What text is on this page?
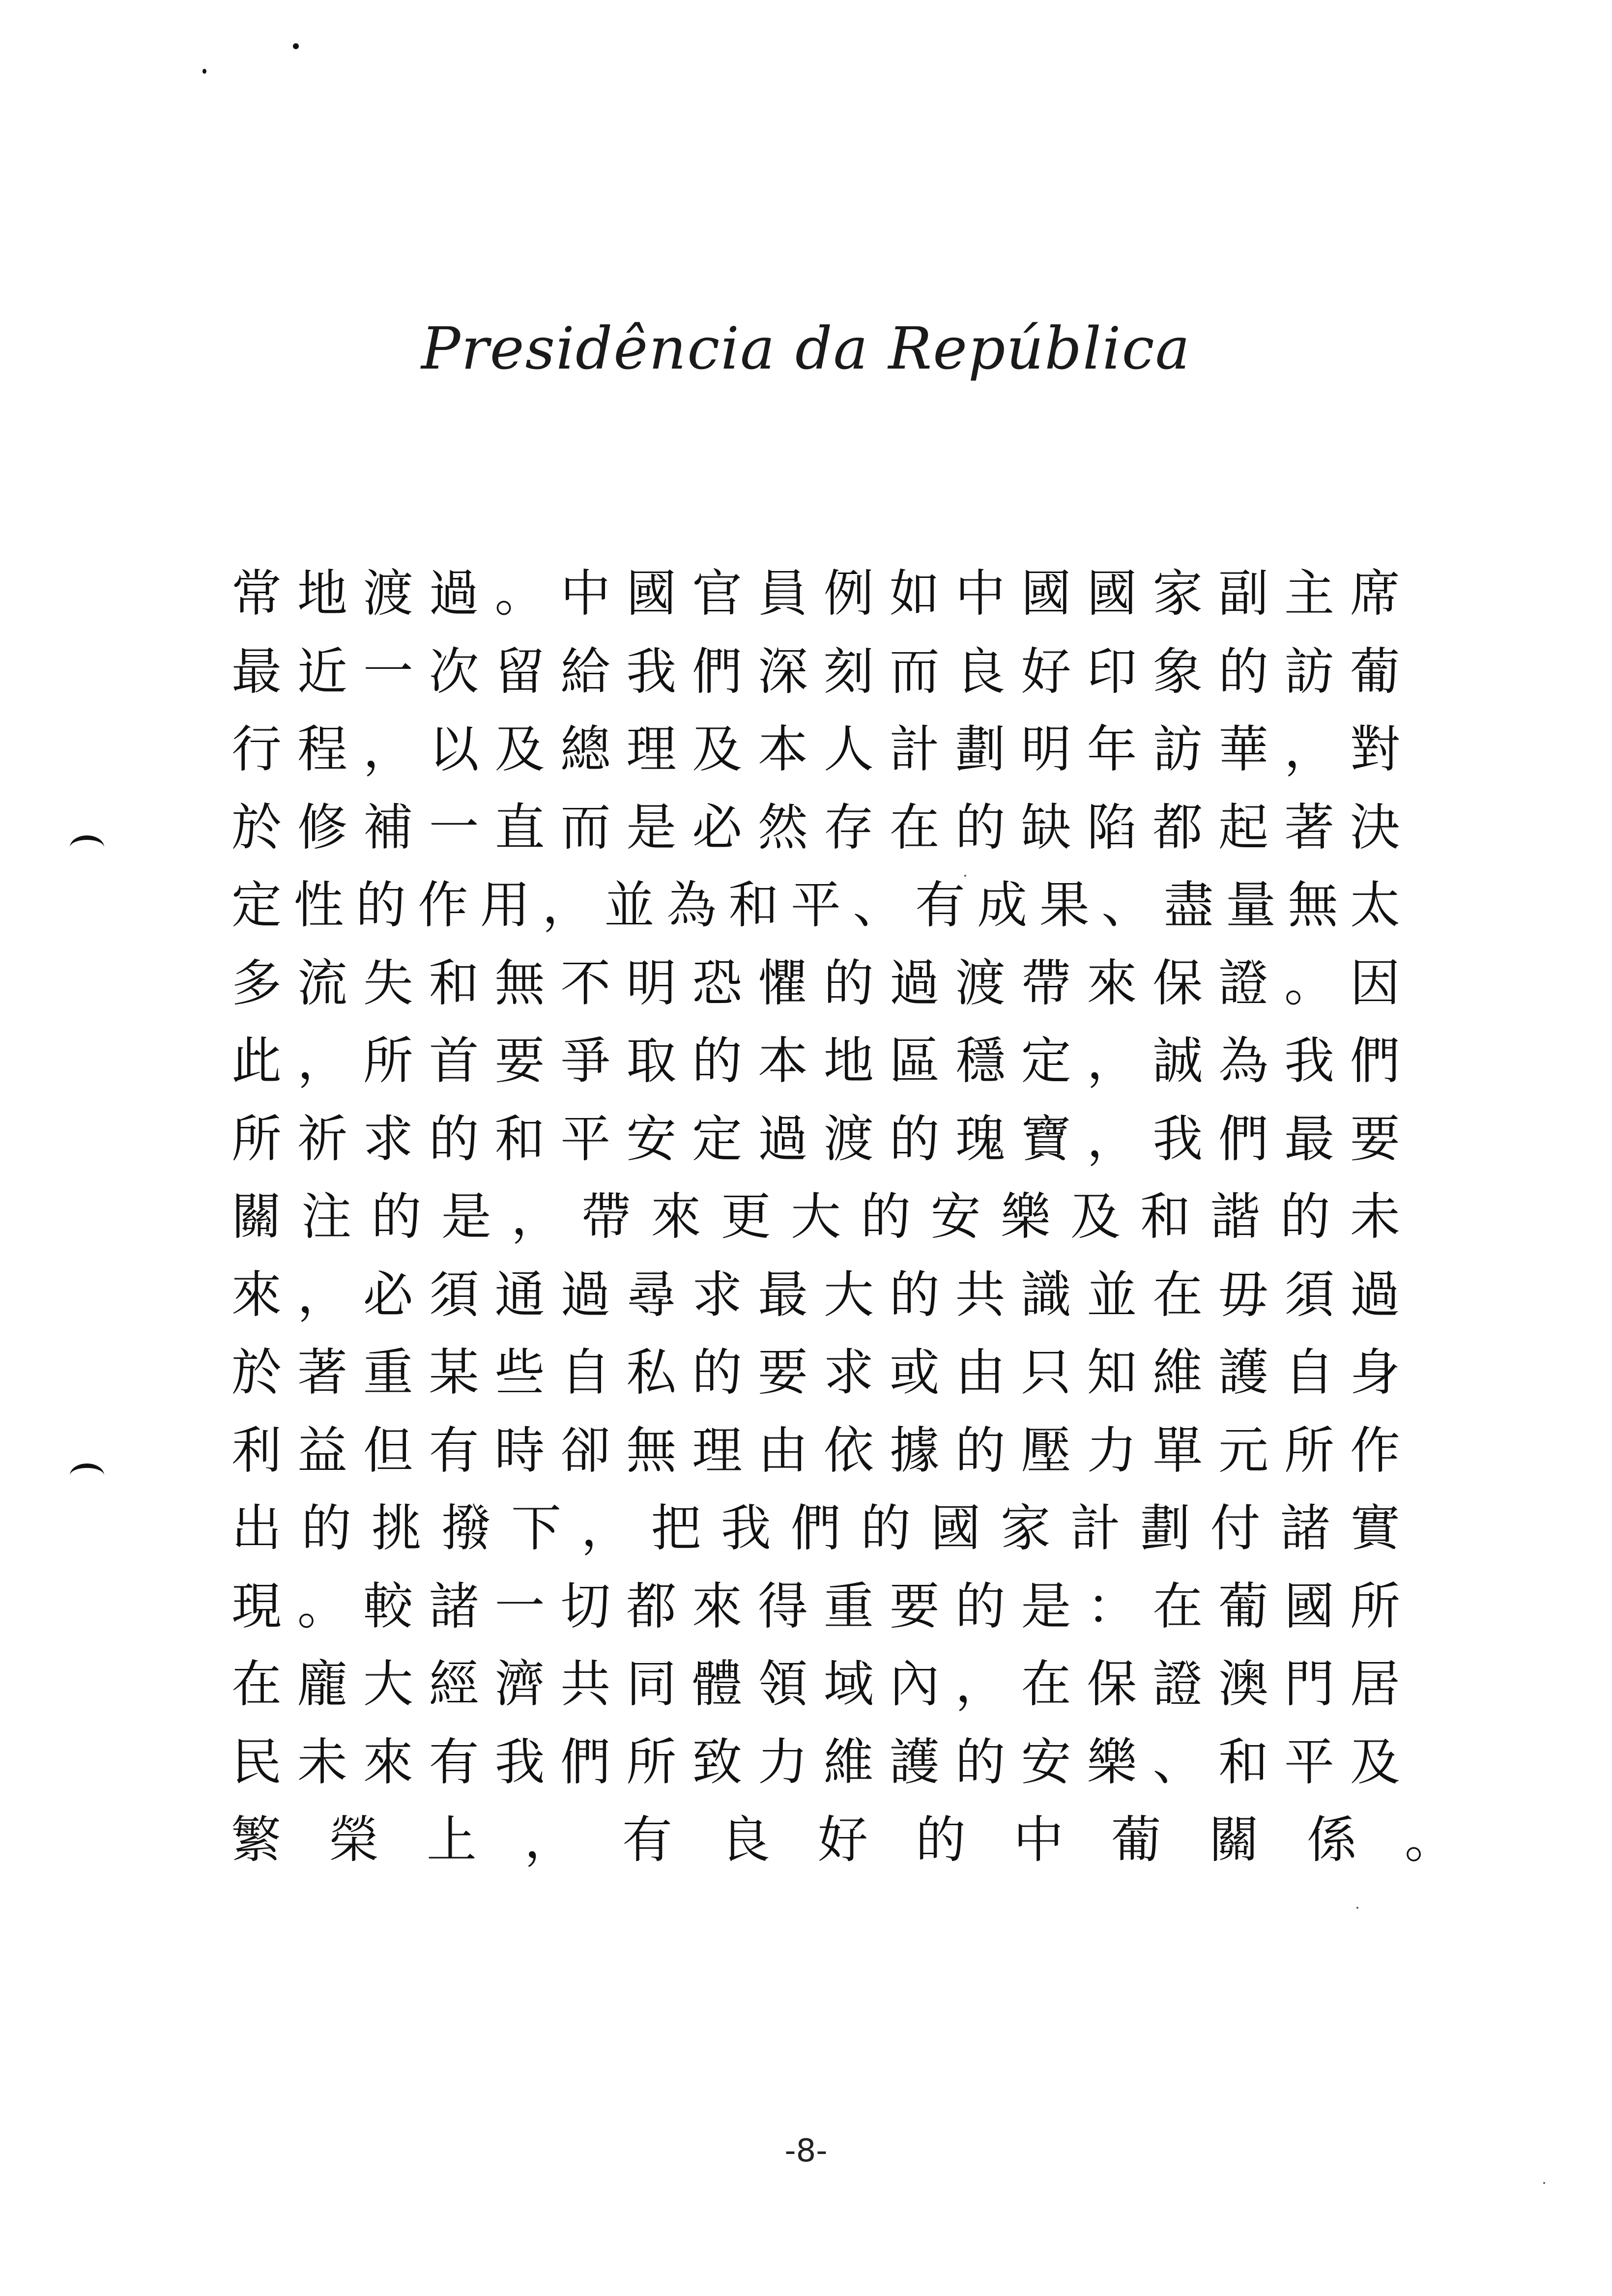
Presidência da República
常 地 渡 過 。 中 國 官 員 例 如 中 國 國 家 副 主 席
最 近 一 次 留 給 我 們 深 刻 而 良 好 印 象 的 訪 葡
行 程 ， 以 及 總 理 及 本 人 計 劃 明 年 訪 華 ， 對
於 修 補 一 直 而 是 必 然 存 在 的 缺 陷 都 起 著 決
定 性 的 作 用 ， 並 為 和 平 、 有 成 果 、 盡 量 無 太
多 流 失 和 無 不 明 恐 懼 的 過 渡 帶 來 保 證 。 因
此 ， 所 首 要 爭 取 的 本 地 區 穩 定 ， 誠 為 我 們
所 祈 求 的 和 平 安 定 過 渡 的 瑰 寶 ， 我 們 最 要
關 注 的 是 ， 帶 來 更 大 的 安 樂 及 和 諧 的 未
來 ， 必 須 通 過 尋 求 最 大 的 共 識 並 在 毋 須 過
於 著 重 某 些 自 私 的 要 求 或 由 只 知 維 護 自 身
利 益 但 有 時 卻 無 理 由 依 據 的 壓 力 單 元 所 作
出 的 挑 撥 下 ， 把 我 們 的 國 家 計 劃 付 諸 實
現 。 較 諸 一 切 都 來 得 重 要 的 是 ： 在 葡 國 所
在 龐 大 經 濟 共 同 體 領 域 內 ， 在 保 證 澳 門 居
民 未 來 有 我 們 所 致 力 維 護 的 安 樂 、 和 平 及
繁 榮 上 ， 有 良 好 的 中 葡 關 係 。
-8-
